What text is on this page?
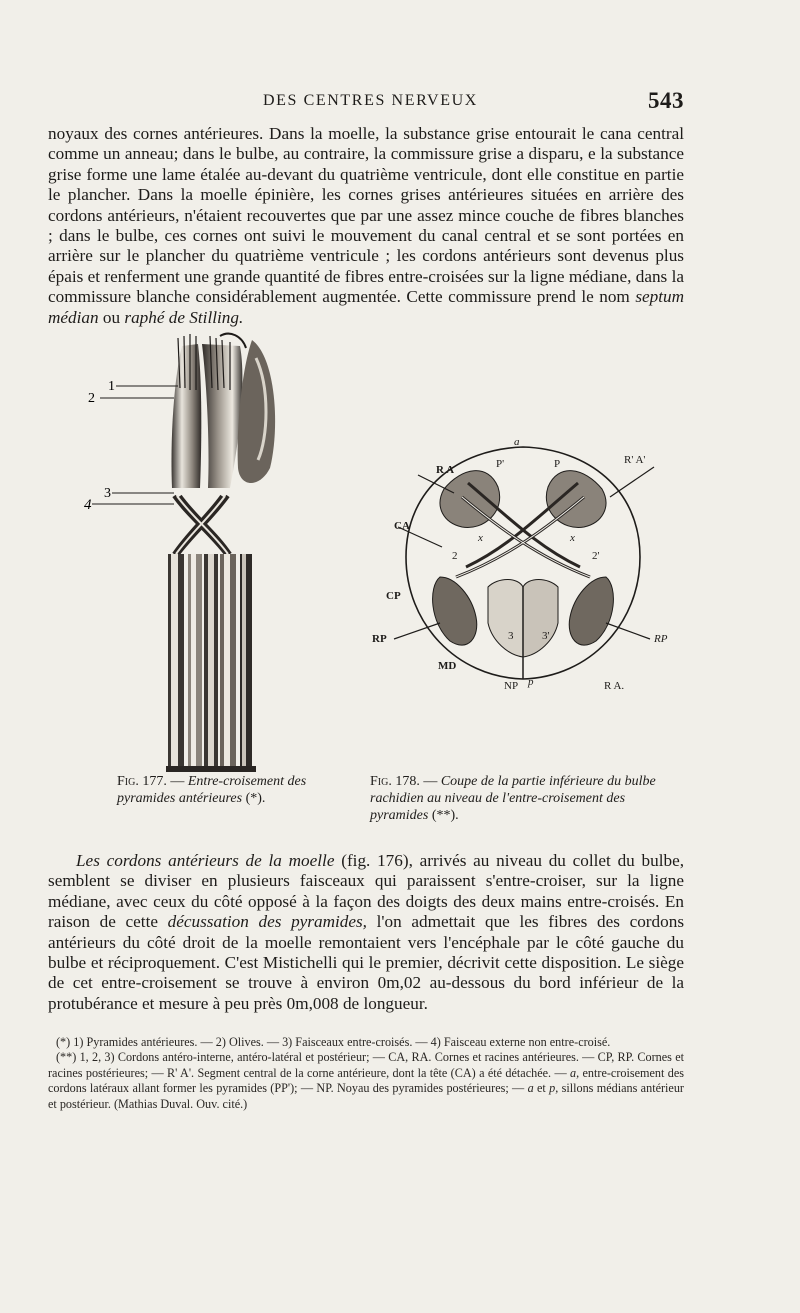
DES CENTRES NERVEUX	543

noyaux des cornes antérieures. Dans la moelle, la substance grise entourait le cana central comme un anneau; dans le bulbe, au contraire, la commissure grise a disparu, e la substance grise forme une lame étalée au-devant du quatrième ventricule, dont elle constitue en partie le plancher. Dans la moelle épinière, les cornes grises antérieures situées en arrière des cordons antérieurs, n'étaient recouvertes que par une assez mince couche de fibres blanches ; dans le bulbe, ces cornes ont suivi le mouvement du canal central et se sont portées en arrière sur le plancher du quatrième ventricule ; les cordons antérieurs sont devenus plus épais et renferment une grande quantité de fibres entre-croisées sur la ligne médiane, dans la commissure blanche considérablement augmentée. Cette commissure prend le nom septum médian ou raphé de Stilling.

1
2
3
4
a
P'	P
R A
R' A'
CA
x	x
2	2'
CP
RP	RP
3	3'
MD
NP p	R A.
Fig. 177. — Entre-croisement des pyramides antérieures (*).
Fig. 178. — Coupe de la partie inférieure du bulbe rachidien au niveau de l'entre-croisement des pyramides (**).

Les cordons antérieurs de la moelle (fig. 176), arrivés au niveau du collet du bulbe, semblent se diviser en plusieurs faisceaux qui paraissent s'entre-croiser, sur la ligne médiane, avec ceux du côté opposé à la façon des doigts des deux mains entre-croisés. En raison de cette décussation des pyramides, l'on admettait que les fibres des cordons antérieurs du côté droit de la moelle remontaient vers l'encéphale par le côté gauche du bulbe et réciproquement. C'est Mistichelli qui le premier, décrivit cette disposition. Le siège de cet entre-croisement se trouve à environ 0m,02 au-dessous du bord inférieur de la protubérance et mesure à peu près 0m,008 de longueur.

(*) 1) Pyramides antérieures. — 2) Olives. — 3) Faisceaux entre-croisés. — 4) Faisceau externe non entre-croisé.

(**) 1, 2, 3) Cordons antéro-interne, antéro-latéral et postérieur; — CA, RA. Cornes et racines antérieures. — CP, RP. Cornes et racines postérieures; — R' A'. Segment central de la corne antérieure, dont la tête (CA) a été détachée. — a, entre-croisement des cordons latéraux allant former les pyramides (PP'); — NP. Noyau des pyramides postérieures; — a et p, sillons médians antérieur et postérieur. (Mathias Duval. Ouv. cité.)
